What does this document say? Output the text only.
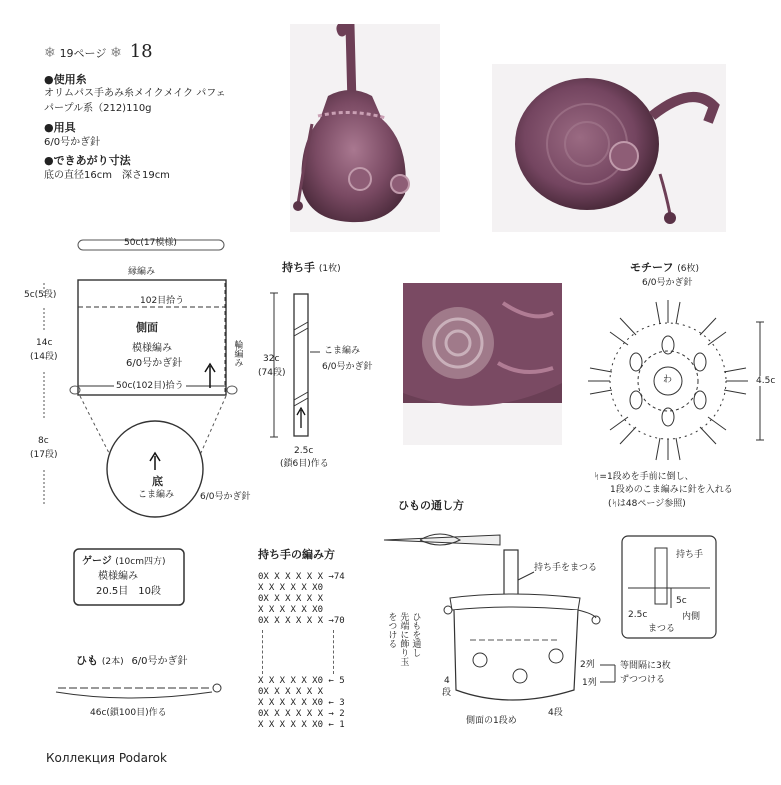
❄ 19ページ ❄ 18
●使用糸
オリムパス手あみ糸メイクメイク パフェ
パープル系（212)110g
●用具
6/0号かぎ針
●できあがり寸法
底の直径16cm　深さ19cm
50c(17模様)
縁編み
102目拾う
側面
模様編み
6/0号かぎ針
50c(102目)拾う
輪編み
5c(5段)
14c
(14段)
8c
(17段)
底
こま編み	6/0号かぎ針
持ち手 (1枚)
32c
(74段)
こま編み
6/0号かぎ針
2.5c
(鎖6目)作る
モチーフ (6枚)
6/0号かぎ針
4.5c
わ
ᛋ=1段めを手前に倒し、
1段めのこま編みに針を入れる
(ᛋは48ページ参照)
ゲージ (10cm四方)
模様編み
20.5目　10段
ひも (2本) 6/0号かぎ針
46c(鎖100目)作る
持ち手の編み方
0X X X X X X →74
X X X X X X0
0X X X X X X
X X X X X X0
0X X X X X X →70
X X X X X X0 ← 5
0X X X X X X
X X X X X X0 ← 3
0X X X X X X → 2
X X X X X X0 ← 1
ひもの通し方
持ち手をまつる
ひもを通し
先端に飾り玉
をつける
4
段
側面の1段め
4段
2列
1列
等間隔に3枚
ずつつける
持ち手
5c
2.5c	内側
まつる
Коллекция Podarok
